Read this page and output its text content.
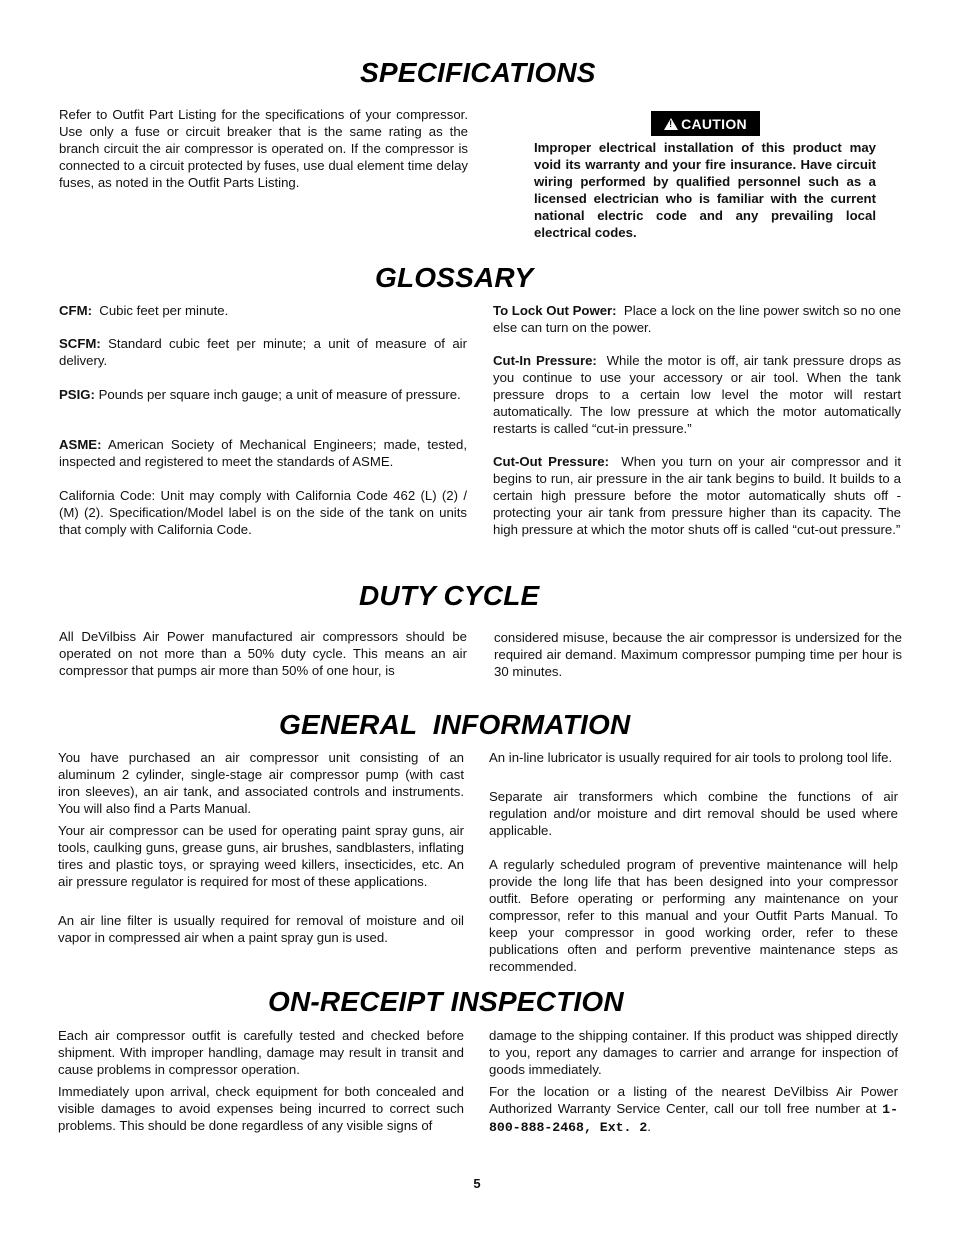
SPECIFICATIONS

Refer to Outfit Part Listing for the specifications of your compressor. Use only a fuse or circuit breaker that is the same rating as the branch circuit the air compressor is operated on. If the compressor is connected to a circuit protected by fuses, use dual element time delay fuses, as noted in the Outfit Parts Listing.

!
CAUTION

Improper electrical installation of this product may void its warranty and your fire insurance. Have circuit wiring performed by qualified personnel such as a licensed electrician who is familiar with the current national electric code and any prevailing local electrical codes.

GLOSSARY

CFM: Cubic feet per minute.

SCFM: Standard cubic feet per minute; a unit of measure of air delivery.

PSIG: Pounds per square inch gauge; a unit of measure of pressure.

ASME: American Society of Mechanical Engineers; made, tested, inspected and registered to meet the standards of ASME.

California Code: Unit may comply with California Code 462 (L) (2) / (M) (2). Specification/Model label is on the side of the tank on units that comply with California Code.

To Lock Out Power: Place a lock on the line power switch so no one else can turn on the power.

Cut-In Pressure: While the motor is off, air tank pressure drops as you continue to use your accessory or air tool. When the tank pressure drops to a certain low level the motor will restart automatically. The low pressure at which the motor automatically restarts is called “cut-in pressure.”

Cut-Out Pressure: When you turn on your air compressor and it begins to run, air pressure in the air tank begins to build. It builds to a certain high pressure before the motor automatically shuts off - protecting your air tank from pressure higher than its capacity. The high pressure at which the motor shuts off is called “cut-out pressure.”

DUTY CYCLE

All DeVilbiss Air Power manufactured air compressors should be operated on not more than a 50% duty cycle. This means an air compressor that pumps air more than 50% of one hour, is

considered misuse, because the air compressor is undersized for the required air demand. Maximum compressor pumping time per hour is 30 minutes.

GENERAL  INFORMATION

You have purchased an air compressor unit consisting of an aluminum 2 cylinder, single-stage air compressor pump (with cast iron sleeves), an air tank, and associated controls and instruments. You will also find a Parts Manual.

Your air compressor can be used for operating paint spray guns, air tools, caulking guns, grease guns, air brushes, sandblasters, inflating tires and plastic toys, or spraying weed killers, insecticides, etc. An air pressure regulator is required for most of these applications.

An air line filter is usually required for removal of moisture and oil vapor in compressed air when a paint spray gun is used.

An in-line lubricator is usually required for air tools to prolong tool life.

Separate air transformers which combine the functions of air regulation and/or moisture and dirt removal should be used where applicable.

A regularly scheduled program of preventive maintenance will help provide the long life that has been designed into your compressor outfit. Before operating or performing any maintenance on your compressor, refer to this manual and your Outfit Parts Manual. To keep your compressor in good working order, refer to these publications often and perform preventive maintenance steps as recommended.

ON-RECEIPT INSPECTION

Each air compressor outfit is carefully tested and checked before shipment. With improper handling, damage may result in transit and cause problems in compressor operation.

Immediately upon arrival, check equipment for both concealed and visible damages to avoid expenses being incurred to correct such problems. This should be done regardless of any visible signs of

damage to the shipping container. If this product was shipped directly to you, report any damages to carrier and arrange for inspection of goods immediately.

For the location or a listing of the nearest DeVilbiss Air Power Authorized Warranty Service Center, call our toll free number at 1-800-888-2468, Ext. 2.

5
